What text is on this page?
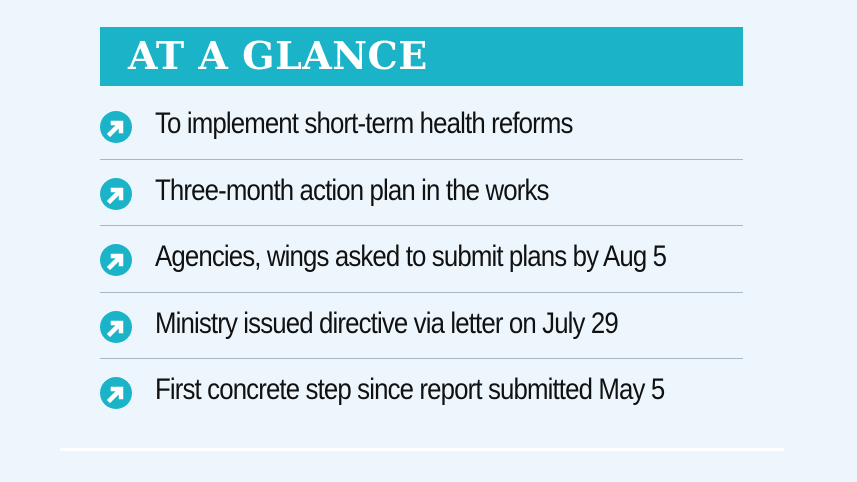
AT A GLANCE
To implement short-term health reforms
Three-month action plan in the works
Agencies, wings asked to submit plans by Aug 5
Ministry issued directive via letter on July 29
First concrete step since report submitted May 5
